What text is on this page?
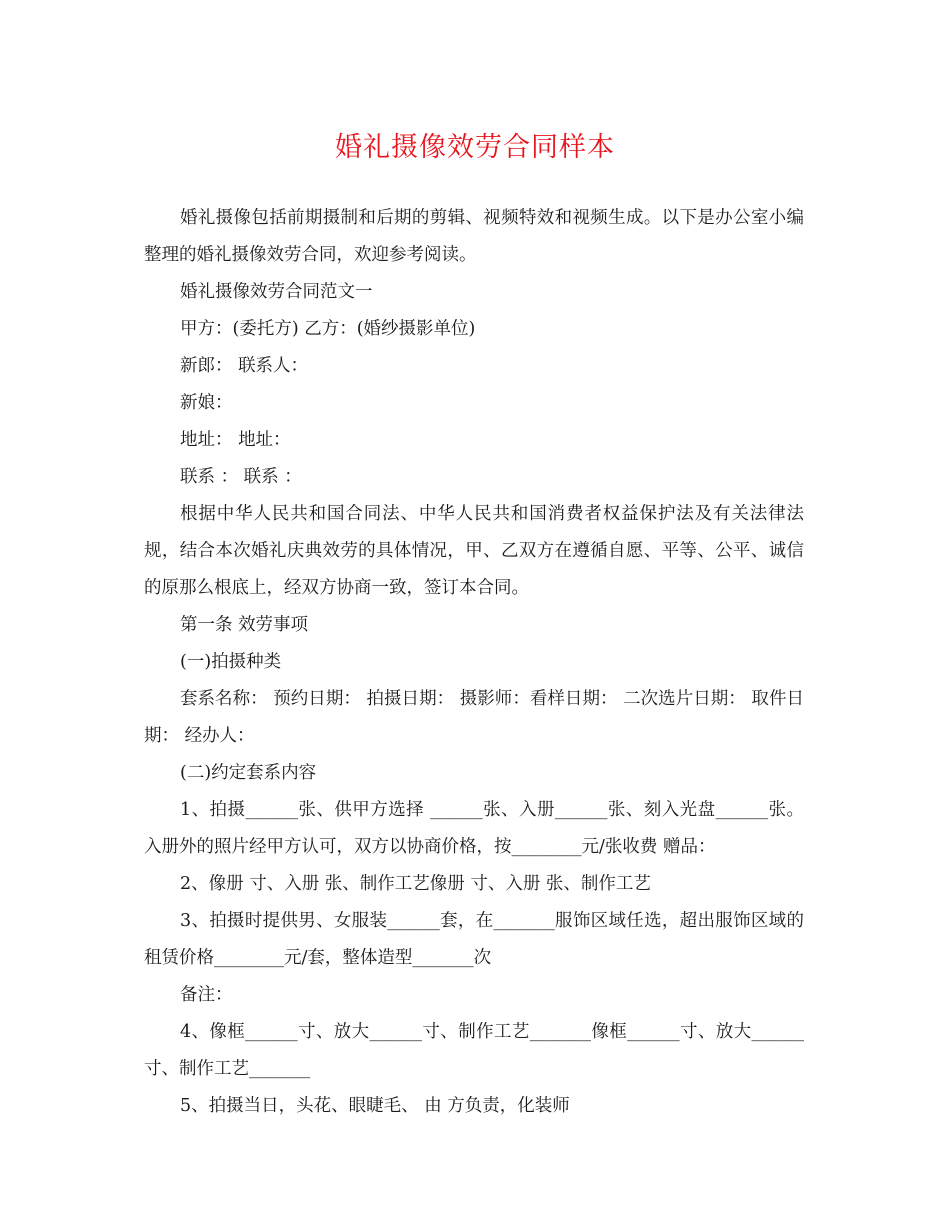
婚礼摄像效劳合同样本

婚礼摄像包括前期摄制和后期的剪辑、视频特效和视频生成。以下是办公室小编整理的婚礼摄像效劳合同，欢迎参考阅读。

婚礼摄像效劳合同范文一

甲方：(委托方) 乙方：(婚纱摄影单位)

新郎： 联系人：

新娘：

地址： 地址：

联系 ： 联系 ：

根据中华人民共和国合同法、中华人民共和国消费者权益保护法及有关法律法规，结合本次婚礼庆典效劳的具体情况，甲、乙双方在遵循自愿、平等、公平、诚信的原那么根底上，经双方协商一致，签订本合同。

第一条 效劳事项

(一)拍摄种类

套系名称： 预约日期： 拍摄日期： 摄影师：看样日期： 二次选片日期： 取件日期： 经办人：

(二)约定套系内容

1、拍摄______张、供甲方选择 ______张、入册______张、刻入光盘______张。入册外的照片经甲方认可，双方以协商价格，按________元/张收费 赠品：

2、像册 寸、入册 张、制作工艺像册 寸、入册 张、制作工艺

3、拍摄时提供男、女服装______套，在_______服饰区域任选，超出服饰区域的租赁价格________元/套，整体造型_______次

备注：

4、像框______寸、放大______寸、制作工艺_______像框______寸、放大______寸、制作工艺_______

5、拍摄当日，头花、眼睫毛、 由 方负责，化装师
